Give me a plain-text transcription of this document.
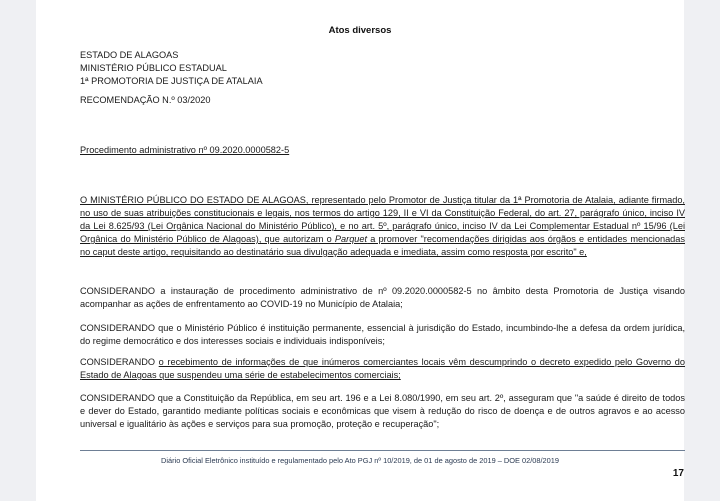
Atos diversos
ESTADO DE ALAGOAS
MINISTÉRIO PÚBLICO ESTADUAL
1ª PROMOTORIA DE JUSTIÇA DE ATALAIA
RECOMENDAÇÃO N.º 03/2020
Procedimento administrativo nº 09.2020.0000582-5
O MINISTÉRIO PÚBLICO DO ESTADO DE ALAGOAS, representado pelo Promotor de Justiça titular da 1ª Promotoria de Atalaia, adiante firmado, no uso de suas atribuições constitucionais e legais, nos termos do artigo 129, II e VI da Constituição Federal, do art. 27, parágrafo único, inciso IV da Lei 8.625/93 (Lei Orgânica Nacional do Ministério Público), e no art. 5º, parágrafo único, inciso IV da Lei Complementar Estadual nº 15/96 (Lei Orgânica do Ministério Público de Alagoas), que autorizam o Parquet a promover "recomendações dirigidas aos órgãos e entidades mencionadas no caput deste artigo, requisitando ao destinatário sua divulgação adequada e imediata, assim como resposta por escrito" e,
CONSIDERANDO a instauração de procedimento administrativo de nº 09.2020.0000582-5 no âmbito desta Promotoria de Justiça visando acompanhar as ações de enfrentamento ao COVID-19 no Município de Atalaia;
CONSIDERANDO que o Ministério Público é instituição permanente, essencial à jurisdição do Estado, incumbindo-lhe a defesa da ordem jurídica, do regime democrático e dos interesses sociais e individuais indisponíveis;
CONSIDERANDO o recebimento de informações de que inúmeros comerciantes locais vêm descumprindo o decreto expedido pelo Governo do Estado de Alagoas que suspendeu uma série de estabelecimentos comerciais;
CONSIDERANDO que a Constituição da República, em seu art. 196 e a Lei 8.080/1990, em seu art. 2º, asseguram que "a saúde é direito de todos e dever do Estado, garantido mediante políticas sociais e econômicas que visem à redução do risco de doença e de outros agravos e ao acesso universal e igualitário às ações e serviços para sua promoção, proteção e recuperação";
Diário Oficial Eletrônico instituído e regulamentado pelo Ato PGJ nº 10/2019, de 01 de agosto de 2019 – DOE 02/08/2019
17
